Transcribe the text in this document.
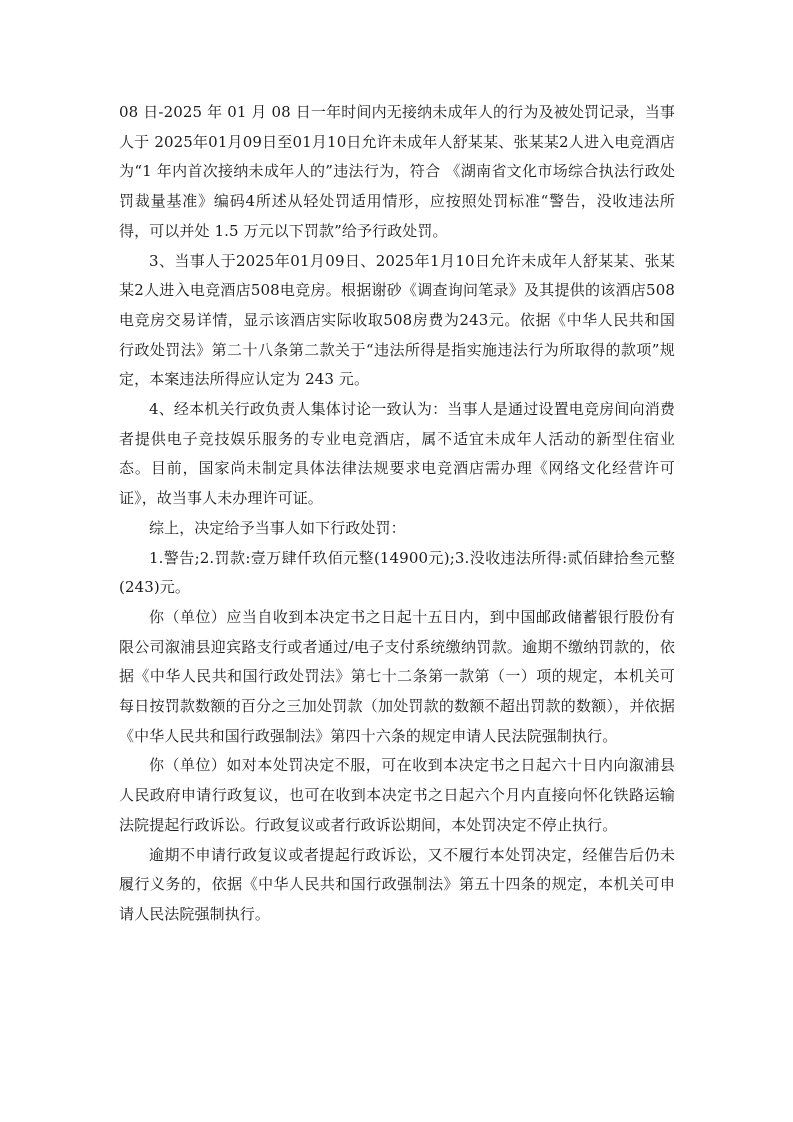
08 日-2025 年 01 月 08 日一年时间内无接纳未成年人的行为及被处罚记录，当事人于 2025年01月09日至01月10日允许未成年人舒某某、张某某2人进入电竞酒店为“1 年内首次接纳未成年人的”违法行为，符合 《湖南省文化市场综合执法行政处罚裁量基准》编码4所述从轻处罚适用情形，应按照处罚标准“警告，没收违法所得，可以并处 1.5 万元以下罚款”给予行政处罚。

3、当事人于2025年01月09日、2025年1月10日允许未成年人舒某某、张某某2人进入电竞酒店508电竞房。根据谢砂《调查询问笔录》及其提供的该酒店508电竞房交易详情，显示该酒店实际收取508房费为243元。依据《中华人民共和国行政处罚法》第二十八条第二款关于“违法所得是指实施违法行为所取得的款项”规定，本案违法所得应认定为 243 元。

4、经本机关行政负责人集体讨论一致认为：当事人是通过设置电竞房间向消费者提供电子竞技娱乐服务的专业电竞酒店，属不适宜未成年人活动的新型住宿业态。目前，国家尚未制定具体法律法规要求电竞酒店需办理《网络文化经营许可证》，故当事人未办理许可证。

综上，决定给予当事人如下行政处罚：

1.警告;2.罚款:壹万肆仟玖佰元整(14900元);3.没收违法所得:贰佰肆拾叁元整(243)元。

你（单位）应当自收到本决定书之日起十五日内，到中国邮政储蓄银行股份有限公司溆浦县迎宾路支行或者通过/电子支付系统缴纳罚款。逾期不缴纳罚款的，依据《中华人民共和国行政处罚法》第七十二条第一款第（一）项的规定，本机关可每日按罚款数额的百分之三加处罚款（加处罚款的数额不超出罚款的数额），并依据《中华人民共和国行政强制法》第四十六条的规定申请人民法院强制执行。

你（单位）如对本处罚决定不服，可在收到本决定书之日起六十日内向溆浦县人民政府申请行政复议，也可在收到本决定书之日起六个月内直接向怀化铁路运输法院提起行政诉讼。行政复议或者行政诉讼期间，本处罚决定不停止执行。

逾期不申请行政复议或者提起行政诉讼，又不履行本处罚决定，经催告后仍未履行义务的，依据《中华人民共和国行政强制法》第五十四条的规定，本机关可申请人民法院强制执行。
